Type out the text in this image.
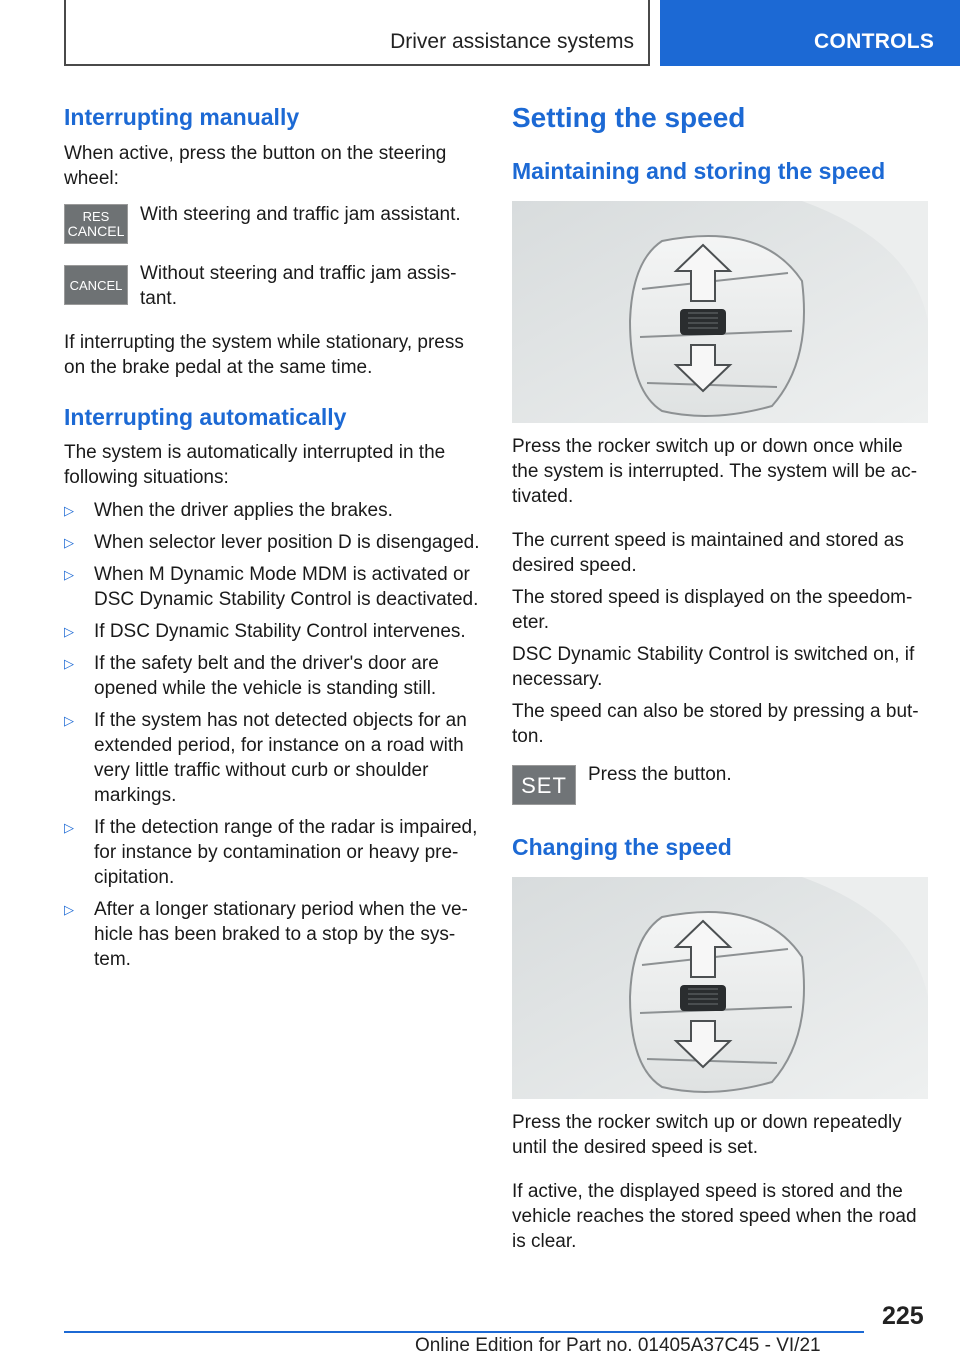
Driver assistance systems	CONTROLS
Interrupting manually
When active, press the button on the steering wheel:
RES
CANCEL
With steering and traffic jam assistant.
CANCEL
Without steering and traffic jam assis‐
tant.
If interrupting the system while stationary, press
on the brake pedal at the same time.
Interrupting automatically
The system is automatically interrupted in the
following situations:
▷ When the driver applies the brakes.
▷ When selector lever position D is disengaged.
▷ When M Dynamic Mode MDM is activated or
DSC Dynamic Stability Control is deactivated.
▷ If DSC Dynamic Stability Control intervenes.
▷ If the safety belt and the driver's door are
opened while the vehicle is standing still.
▷ If the system has not detected objects for an
extended period, for instance on a road with
very little traffic without curb or shoulder
markings.
▷ If the detection range of the radar is impaired,
for instance by contamination or heavy pre‐
cipitation.
▷ After a longer stationary period when the ve‐
hicle has been braked to a stop by the sys‐
tem.
Setting the speed
Maintaining and storing the speed
Press the rocker switch up or down once while
the system is interrupted. The system will be ac‐
tivated.
The current speed is maintained and stored as
desired speed.
The stored speed is displayed on the speedom‐
eter.
DSC Dynamic Stability Control is switched on, if
necessary.
The speed can also be stored by pressing a but‐
ton.
SET Press the button.
Changing the speed
Press the rocker switch up or down repeatedly
until the desired speed is set.
If active, the displayed speed is stored and the
vehicle reaches the stored speed when the road
is clear.
225
Online Edition for Part no. 01405A37C45 - VI/21
